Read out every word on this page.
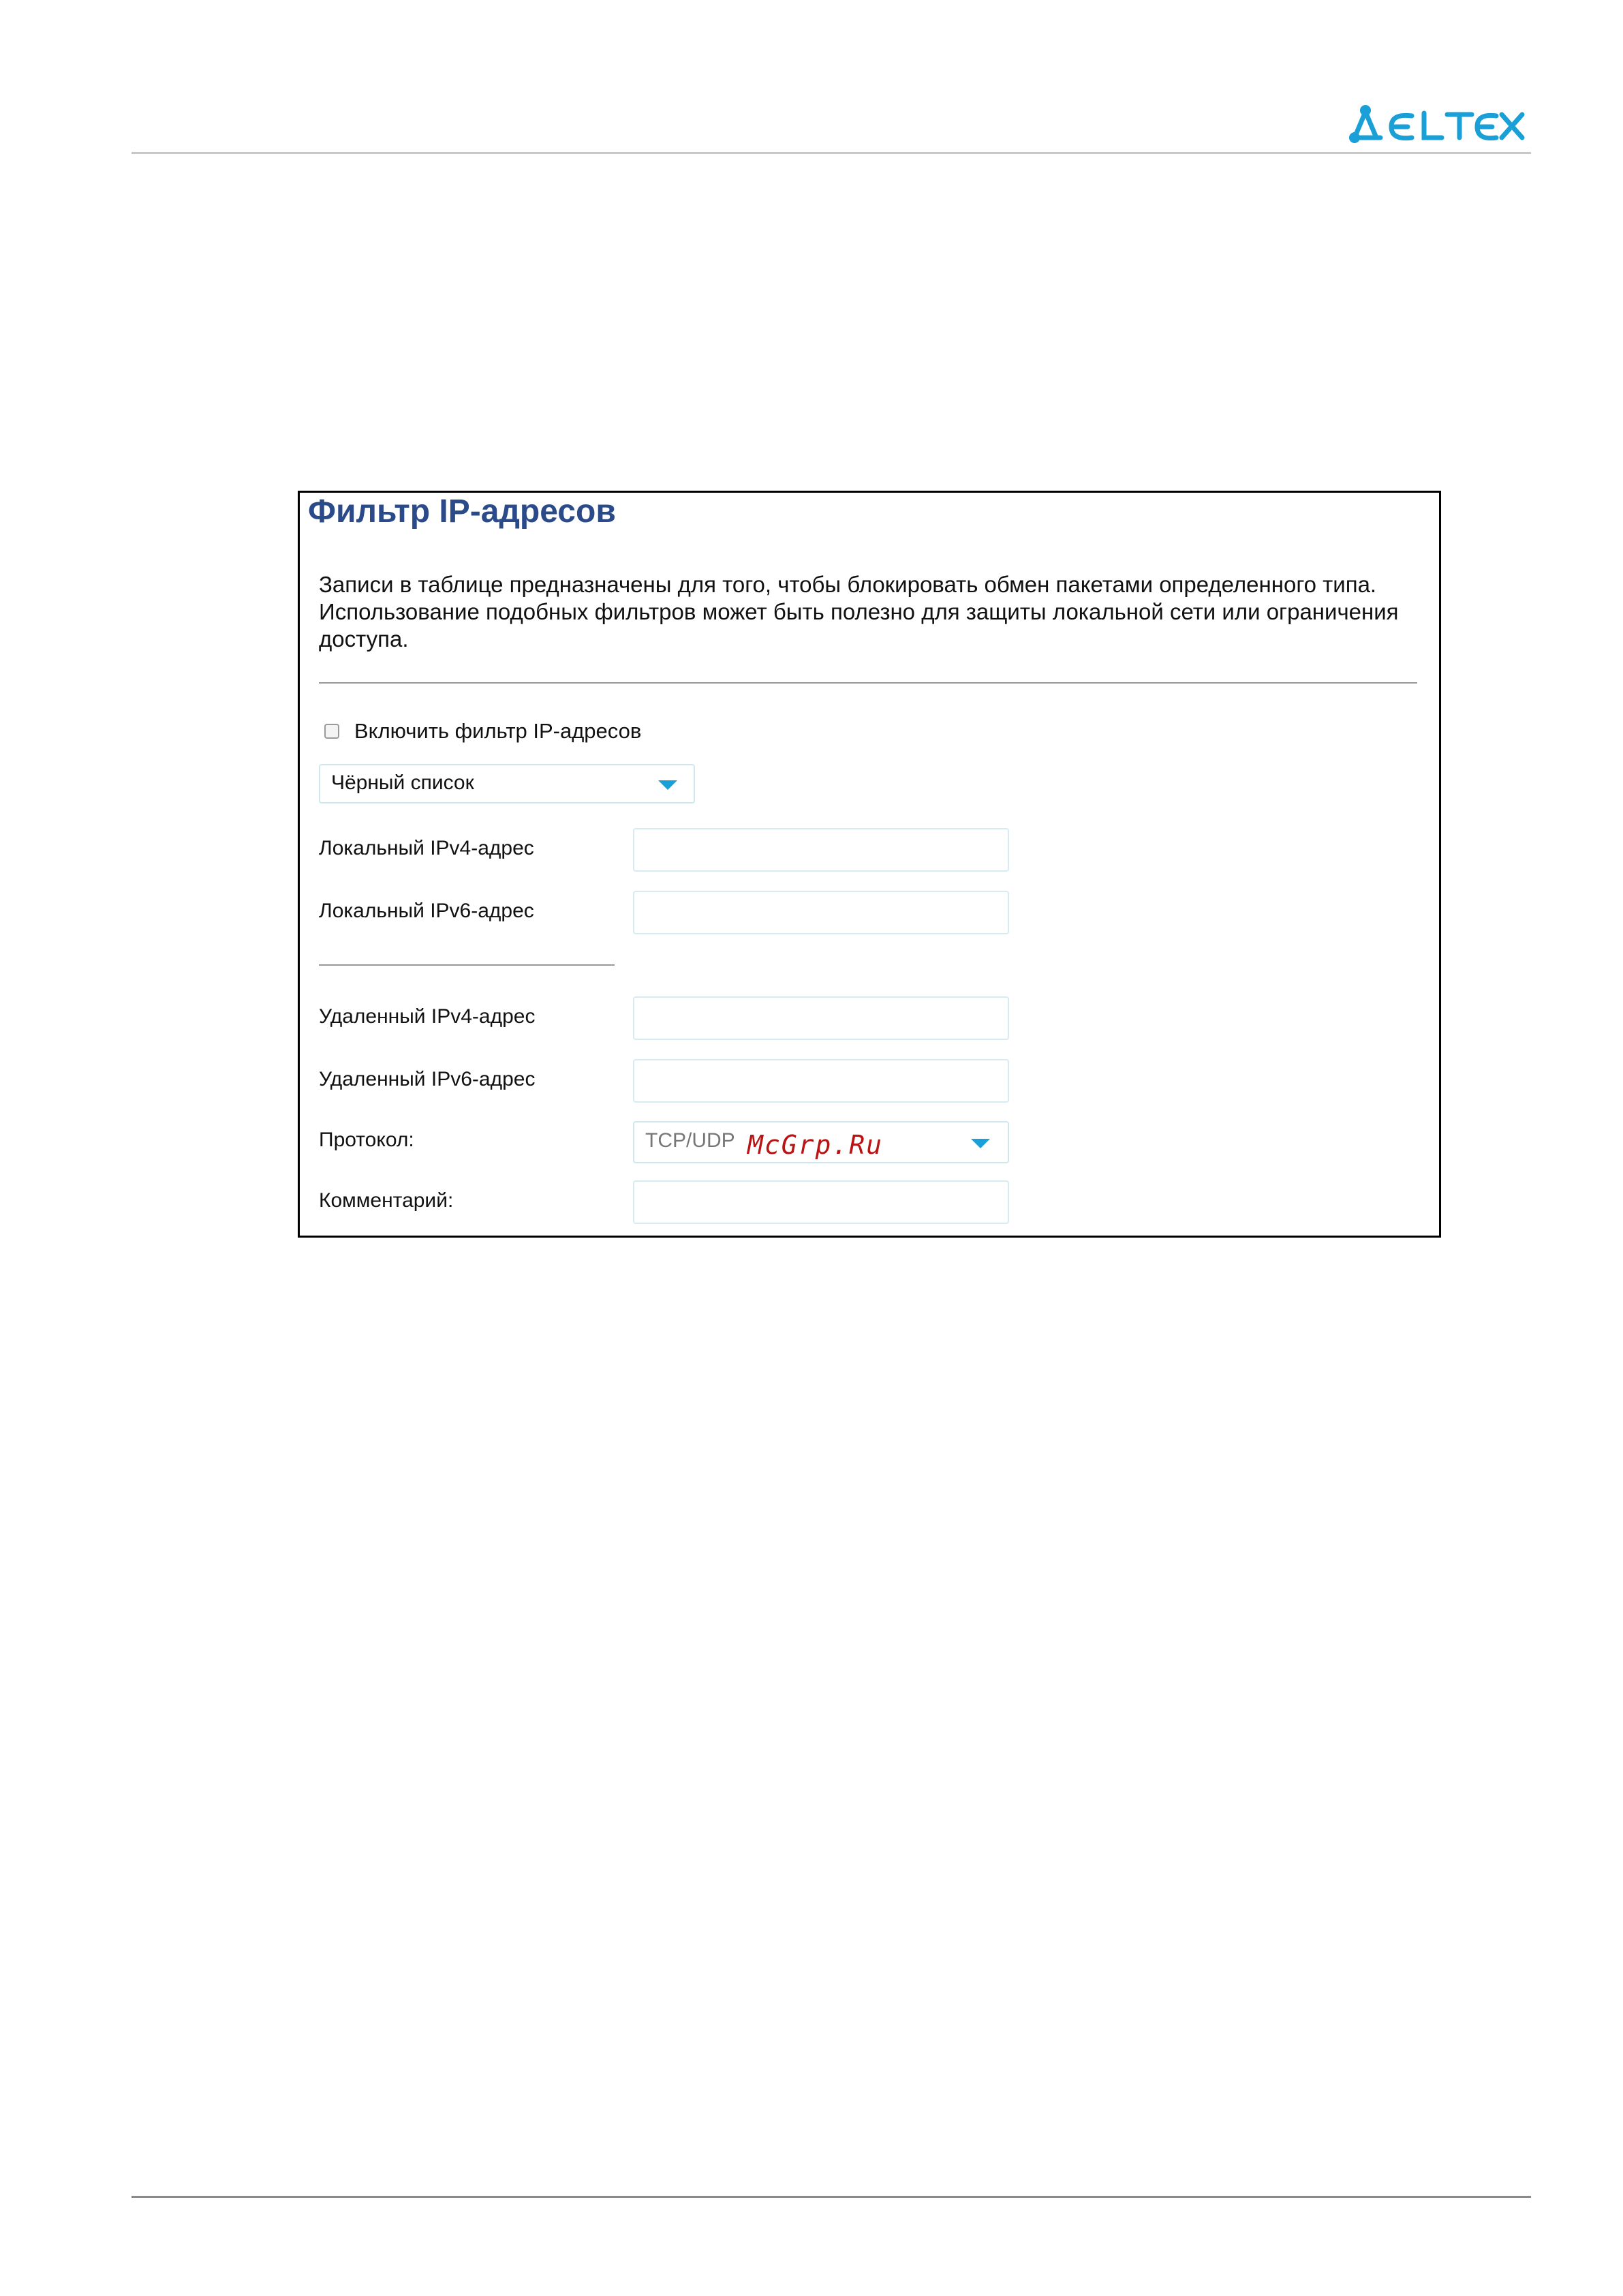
Фильтр IP-адресов
Записи в таблице предназначены для того, чтобы блокировать обмен пакетами определенного типа. Использование подобных фильтров может быть полезно для защиты локальной сети или ограничения доступа.
Включить фильтр IP-адресов
Чёрный список
Локальный IPv4-адрес
Локальный IPv6-адрес
Удаленный IPv4-адрес
Удаленный IPv6-адрес
Протокол:	TCP/UDP
Комментарий:
McGrp.Ru
